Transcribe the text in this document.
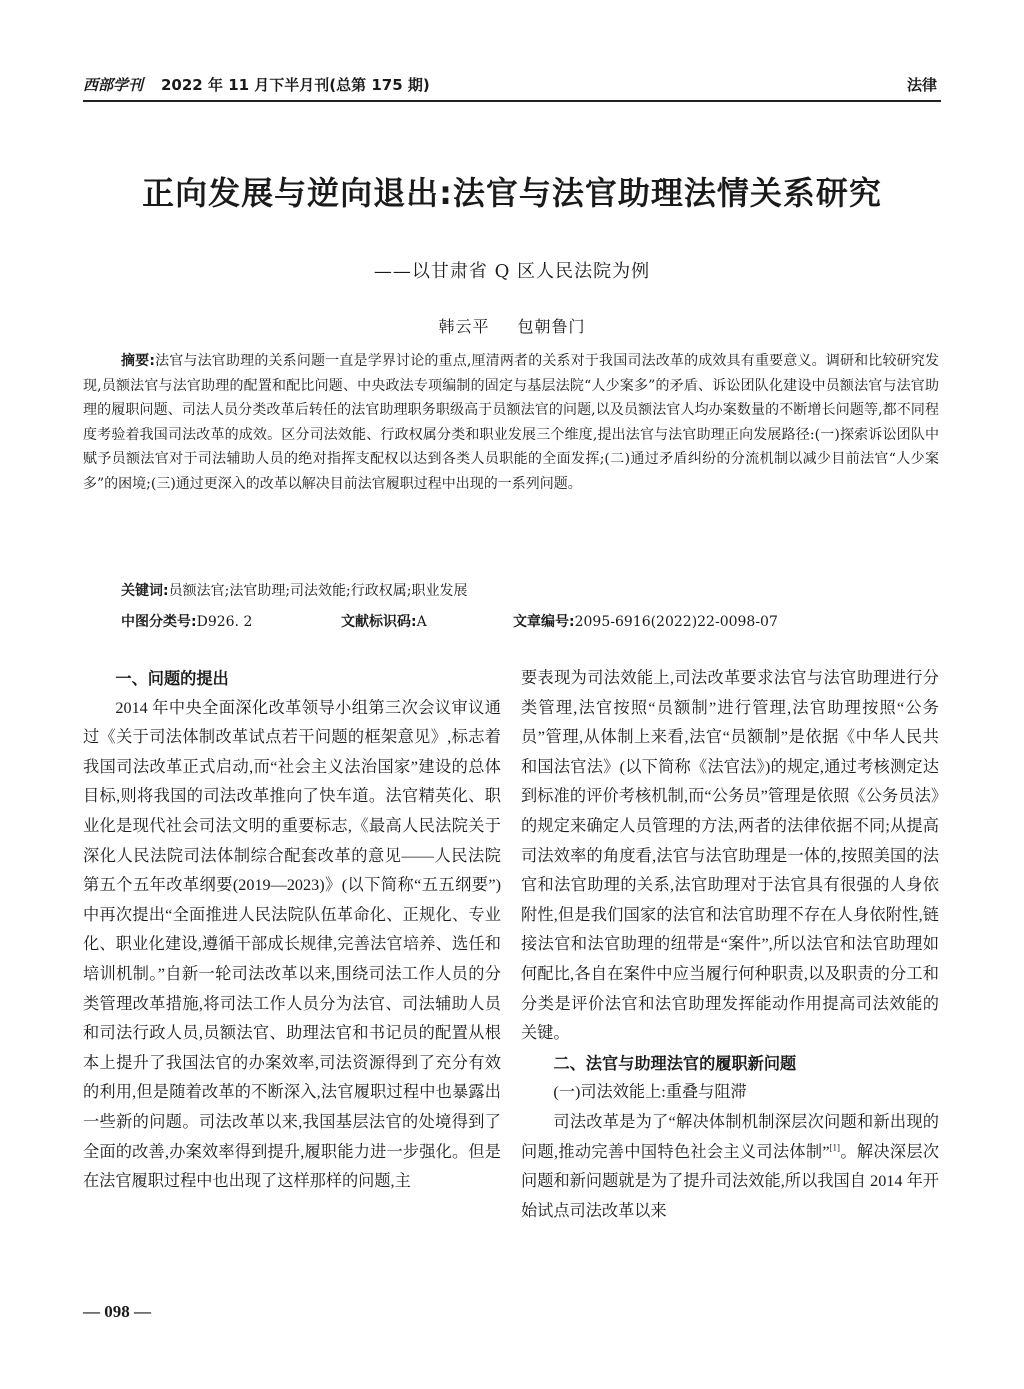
西部学刊 2022 年 11 月下半月刊(总第 175 期)	法律
正向发展与逆向退出:法官与法官助理法情关系研究
——以甘肃省 Q 区人民法院为例
韩云平 包朝鲁门
摘要:法官与法官助理的关系问题一直是学界讨论的重点,厘清两者的关系对于我国司法改革的成效具有重要意义。调研和比较研究发现,员额法官与法官助理的配置和配比问题、中央政法专项编制的固定与基层法院“人少案多”的矛盾、诉讼团队化建设中员额法官与法官助理的履职问题、司法人员分类改革后转任的法官助理职务职级高于员额法官的问题,以及员额法官人均办案数量的不断增长问题等,都不同程度考验着我国司法改革的成效。区分司法效能、行政权属分类和职业发展三个维度,提出法官与法官助理正向发展路径:(一)探索诉讼团队中赋予员额法官对于司法辅助人员的绝对指挥支配权以达到各类人员职能的全面发挥;(二)通过矛盾纠纷的分流机制以减少目前法官“人少案多”的困境;(三)通过更深入的改革以解决目前法官履职过程中出现的一系列问题。
关键词:员额法官;法官助理;司法效能;行政权属;职业发展
中图分类号:D926. 2	文献标识码:A	文章编号:2095-6916(2022)22-0098-07
一、问题的提出

2014 年中央全面深化改革领导小组第三次会议审议通过《关于司法体制改革试点若干问题的框架意见》,标志着我国司法改革正式启动,而“社会主义法治国家”建设的总体目标,则将我国的司法改革推向了快车道。法官精英化、职业化是现代社会司法文明的重要标志,《最高人民法院关于深化人民法院司法体制综合配套改革的意见——人民法院第五个五年改革纲要(2019—2023)》(以下简称“五五纲要”)中再次提出“全面推进人民法院队伍革命化、正规化、专业化、职业化建设,遵循干部成长规律,完善法官培养、选任和培训机制。”自新一轮司法改革以来,围绕司法工作人员的分类管理改革措施,将司法工作人员分为法官、司法辅助人员和司法行政人员,员额法官、助理法官和书记员的配置从根本上提升了我国法官的办案效率,司法资源得到了充分有效的利用,但是随着改革的不断深入,法官履职过程中也暴露出一些新的问题。司法改革以来,我国基层法官的处境得到了全面的改善,办案效率得到提升,履职能力进一步强化。但是在法官履职过程中也出现了这样那样的问题,主

要表现为司法效能上,司法改革要求法官与法官助理进行分类管理,法官按照“员额制”进行管理,法官助理按照“公务员”管理,从体制上来看,法官“员额制”是依据《中华人民共和国法官法》(以下简称《法官法》)的规定,通过考核测定达到标准的评价考核机制,而“公务员”管理是依照《公务员法》的规定来确定人员管理的方法,两者的法律依据不同;从提高司法效率的角度看,法官与法官助理是一体的,按照美国的法官和法官助理的关系,法官助理对于法官具有很强的人身依附性,但是我们国家的法官和法官助理不存在人身依附性,链接法官和法官助理的纽带是“案件”,所以法官和法官助理如何配比,各自在案件中应当履行何种职责,以及职责的分工和分类是评价法官和法官助理发挥能动作用提高司法效能的关键。

二、法官与助理法官的履职新问题

(一)司法效能上:重叠与阻滞

司法改革是为了“解决体制机制深层次问题和新出现的问题,推动完善中国特色社会主义司法体制”[1]。解决深层次问题和新问题就是为了提升司法效能,所以我国自 2014 年开始试点司法改革以来

— 098 —
